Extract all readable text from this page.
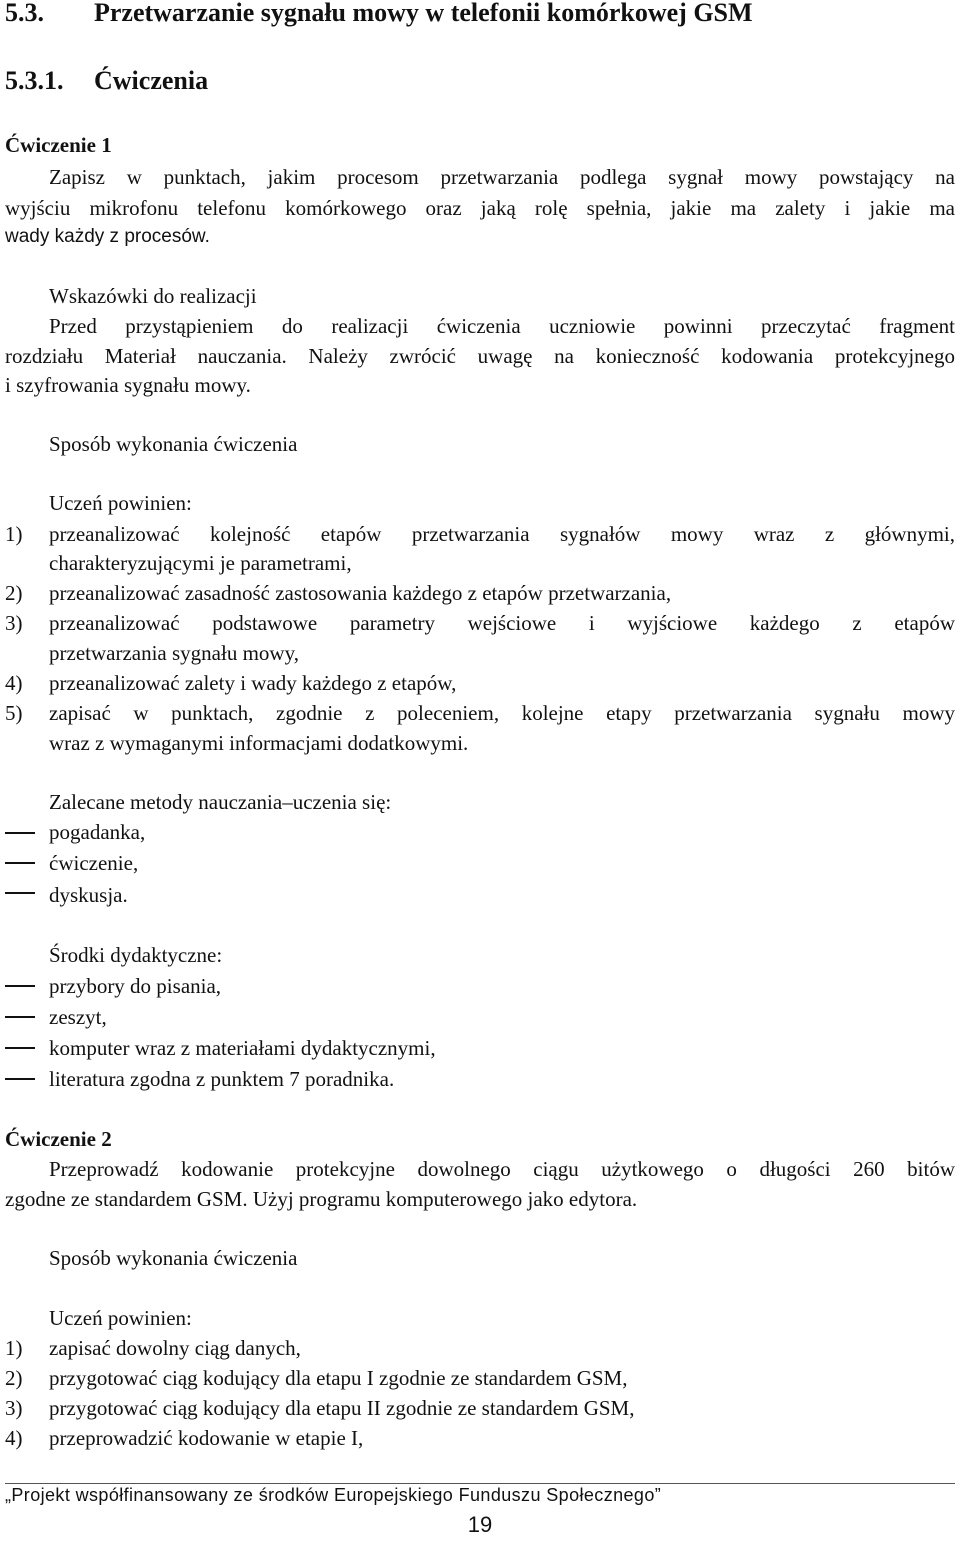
5.3. Przetwarzanie sygnału mowy w telefonii komórkowej GSM
5.3.1. Ćwiczenia
Ćwiczenie 1
Zapisz w punktach, jakim procesom przetwarzania podlega sygnał mowy powstający na
wyjściu mikrofonu telefonu komórkowego oraz jaką rolę spełnia, jakie ma zalety i jakie ma
wady każdy z procesów.
Wskazówki do realizacji
Przed przystąpieniem do realizacji ćwiczenia uczniowie powinni przeczytać fragment
rozdziału Materiał nauczania. Należy zwrócić uwagę na konieczność kodowania protekcyjnego
i szyfrowania sygnału mowy.
Sposób wykonania ćwiczenia
Uczeń powinien:
1)	przeanalizować kolejność etapów przetwarzania sygnałów mowy wraz z głównymi,
charakteryzującymi je parametrami,
2)	przeanalizować zasadność zastosowania każdego z etapów przetwarzania,
3)	przeanalizować podstawowe parametry wejściowe i wyjściowe każdego z etapów
przetwarzania sygnału mowy,
4)	przeanalizować zalety i wady każdego z etapów,
5)	zapisać w punktach, zgodnie z poleceniem, kolejne etapy przetwarzania sygnału mowy
wraz z wymaganymi informacjami dodatkowymi.
Zalecane metody nauczania–uczenia się:
pogadanka,
ćwiczenie,
dyskusja.
Środki dydaktyczne:
przybory do pisania,
zeszyt,
komputer wraz z materiałami dydaktycznymi,
literatura zgodna z punktem 7 poradnika.
Ćwiczenie 2
Przeprowadź kodowanie protekcyjne dowolnego ciągu użytkowego o długości 260 bitów
zgodne ze standardem GSM. Użyj programu komputerowego jako edytora.
Sposób wykonania ćwiczenia
Uczeń powinien:
1)	zapisać dowolny ciąg danych,
2)	przygotować ciąg kodujący dla etapu I zgodnie ze standardem GSM,
3)	przygotować ciąg kodujący dla etapu II zgodnie ze standardem GSM,
4)	przeprowadzić kodowanie w etapie I,
„Projekt współfinansowany ze środków Europejskiego Funduszu Społecznego”
19
